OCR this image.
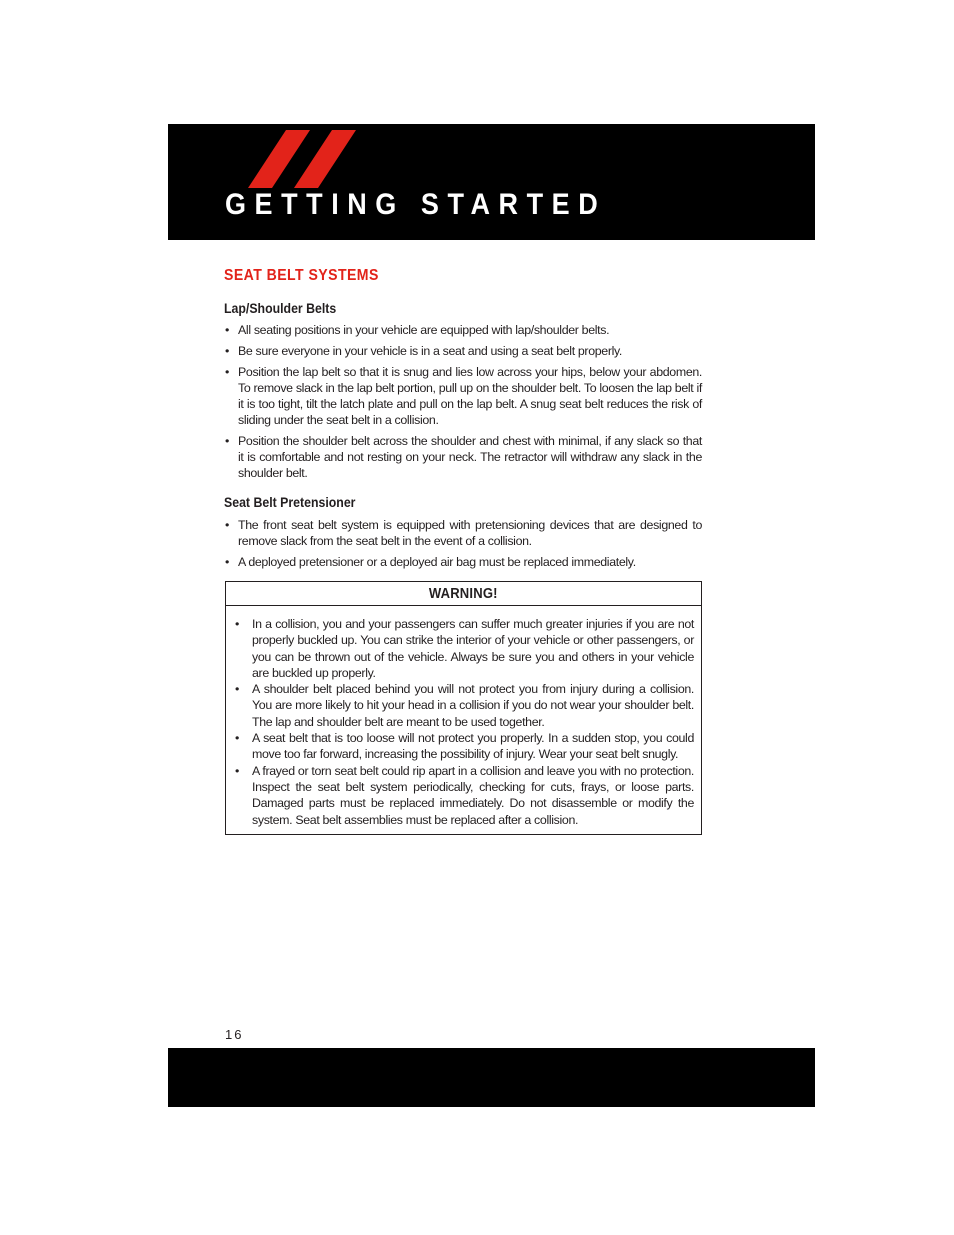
GETTING STARTED
SEAT BELT SYSTEMS
Lap/Shoulder Belts
• All seating positions in your vehicle are equipped with lap/shoulder belts.
• Be sure everyone in your vehicle is in a seat and using a seat belt properly.
• Position the lap belt so that it is snug and lies low across your hips, below your abdomen. To remove slack in the lap belt portion, pull up on the shoulder belt. To loosen the lap belt if it is too tight, tilt the latch plate and pull on the lap belt. A snug seat belt reduces the risk of sliding under the seat belt in a collision.
• Position the shoulder belt across the shoulder and chest with minimal, if any slack so that it is comfortable and not resting on your neck. The retractor will withdraw any slack in the shoulder belt.
Seat Belt Pretensioner
• The front seat belt system is equipped with pretensioning devices that are designed to remove slack from the seat belt in the event of a collision.
• A deployed pretensioner or a deployed air bag must be replaced immediately.
WARNING!
• In a collision, you and your passengers can suffer much greater injuries if you are not properly buckled up. You can strike the interior of your vehicle or other passengers, or you can be thrown out of the vehicle. Always be sure you and others in your vehicle are buckled up properly.
• A shoulder belt placed behind you will not protect you from injury during a collision. You are more likely to hit your head in a collision if you do not wear your shoulder belt. The lap and shoulder belt are meant to be used together.
• A seat belt that is too loose will not protect you properly. In a sudden stop, you could move too far forward, increasing the possibility of injury. Wear your seat belt snugly.
• A frayed or torn seat belt could rip apart in a collision and leave you with no protection. Inspect the seat belt system periodically, checking for cuts, frays, or loose parts. Damaged parts must be replaced immediately. Do not disassemble or modify the system. Seat belt assemblies must be replaced after a collision.
16
